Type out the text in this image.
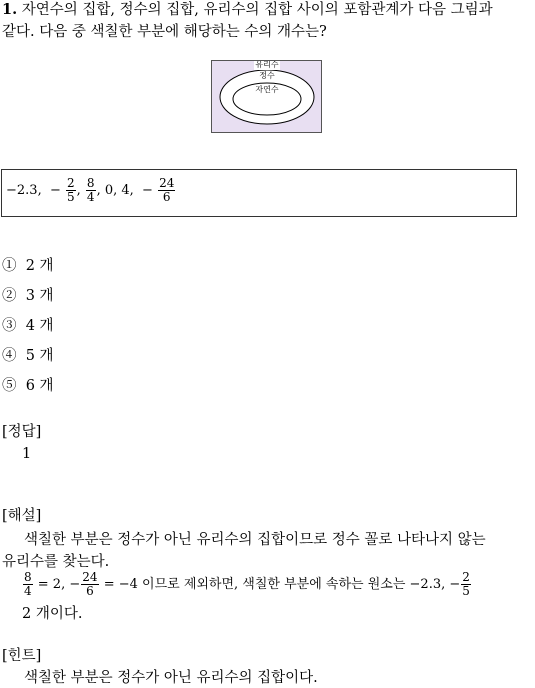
1. 자연수의 집합, 정수의 집합, 유리수의 집합 사이의 포함관계가 다음 그림과
같다. 다음 중 색칠한 부분에 해당하는 수의 개수는?
유리수
정수
자연수
−2.3, − $\frac{2}{5}$ , $\frac{8}{4}$ , 0, 4, − $\frac{24}{6}$
① 2 개
② 3 개
③ 4 개
④ 5 개
⑤ 6 개
[정답]
1
[해설]
색칠한 부분은 정수가 아닌 유리수의 집합이므로 정수 꼴로 나타나지 않는
유리수를 찾는다.
$\frac{8}{4} = 2$, − $\frac{24}{6} = -4$ 이므로 제외하면, 색칠한 부분에 속하는 원소는 −2.3, − $\frac{2}{5}$
2 개이다.
[힌트]
색칠한 부분은 정수가 아닌 유리수의 집합이다.
